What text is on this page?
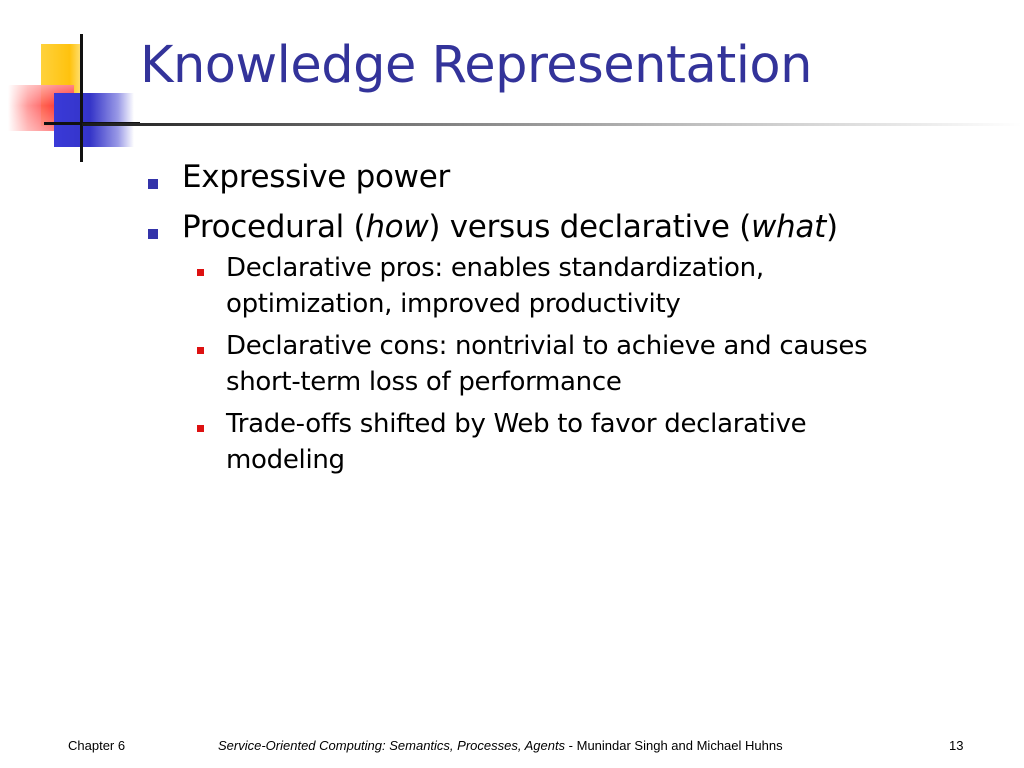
Knowledge Representation
Expressive power
Procedural (how) versus declarative (what)
Declarative pros: enables standardization,
optimization, improved productivity
Declarative cons: nontrivial to achieve and causes
short-term loss of performance
Trade-offs shifted by Web to favor declarative
modeling
Chapter 6	Service-Oriented Computing: Semantics, Processes, Agents - Munindar Singh and Michael Huhns	13
